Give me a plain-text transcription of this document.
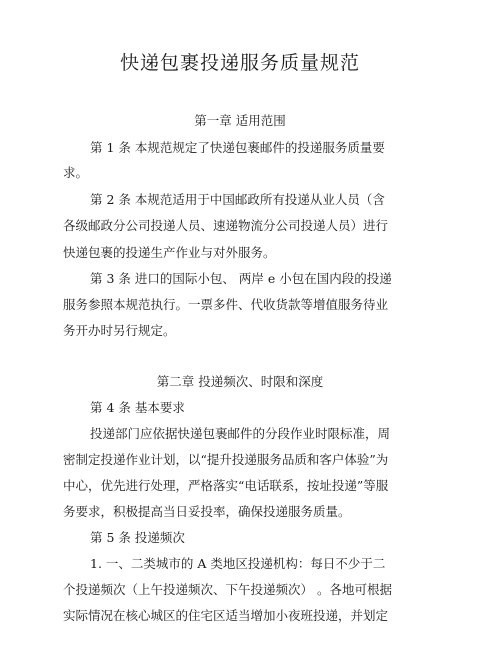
快递包裹投递服务质量规范
第一章 适用范围
第 1 条 本规范规定了快递包裹邮件的投递服务质量要
求。
第 2 条 本规范适用于中国邮政所有投递从业人员（含
各级邮政分公司投递人员、速递物流分公司投递人员）进行
快递包裹的投递生产作业与对外服务。
第 3 条 进口的国际小包、 两岸 e 小包在国内段的投递
服务参照本规范执行。一票多件、代收货款等增值服务待业
务开办时另行规定。
第二章 投递频次、时限和深度
第 4 条 基本要求
投递部门应依据快递包裹邮件的分段作业时限标准，周
密制定投递作业计划，以“提升投递服务品质和客户体验”为
中心，优先进行处理，严格落实“电话联系，按址投递”等服
务要求，积极提高当日妥投率，确保投递服务质量。
第 5 条 投递频次
1. 一、二类城市的 A 类地区投递机构：每日不少于二
个投递频次（上午投递频次、下午投递频次） 。各地可根据
实际情况在核心城区的住宅区适当增加小夜班投递，并划定
